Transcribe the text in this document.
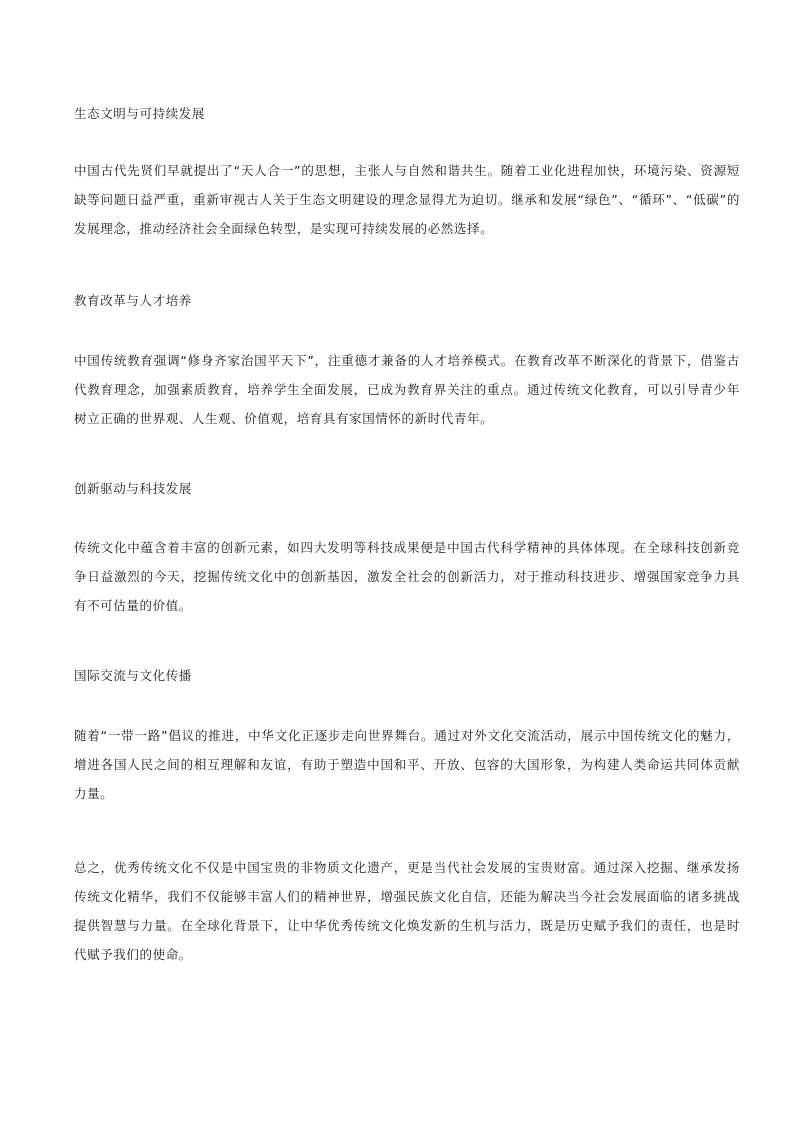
生态文明与可持续发展

中国古代先贤们早就提出了“天人合一”的思想，主张人与自然和谐共生。随着工业化进程加快，环境污染、资源短缺等问题日益严重，重新审视古人关于生态文明建设的理念显得尤为迫切。继承和发展“绿色”、“循环”、“低碳”的发展理念，推动经济社会全面绿色转型，是实现可持续发展的必然选择。

教育改革与人才培养

中国传统教育强调“修身齐家治国平天下”，注重德才兼备的人才培养模式。在教育改革不断深化的背景下，借鉴古代教育理念，加强素质教育，培养学生全面发展，已成为教育界关注的重点。通过传统文化教育，可以引导青少年树立正确的世界观、人生观、价值观，培育具有家国情怀的新时代青年。

创新驱动与科技发展

传统文化中蕴含着丰富的创新元素，如四大发明等科技成果便是中国古代科学精神的具体体现。在全球科技创新竞争日益激烈的今天，挖掘传统文化中的创新基因，激发全社会的创新活力，对于推动科技进步、增强国家竞争力具有不可估量的价值。

国际交流与文化传播

随着“一带一路”倡议的推进，中华文化正逐步走向世界舞台。通过对外文化交流活动，展示中国传统文化的魅力，增进各国人民之间的相互理解和友谊，有助于塑造中国和平、开放、包容的大国形象，为构建人类命运共同体贡献力量。

总之，优秀传统文化不仅是中国宝贵的非物质文化遗产，更是当代社会发展的宝贵财富。通过深入挖掘、继承发扬传统文化精华，我们不仅能够丰富人们的精神世界，增强民族文化自信，还能为解决当今社会发展面临的诸多挑战提供智慧与力量。在全球化背景下，让中华优秀传统文化焕发新的生机与活力，既是历史赋予我们的责任，也是时代赋予我们的使命。
